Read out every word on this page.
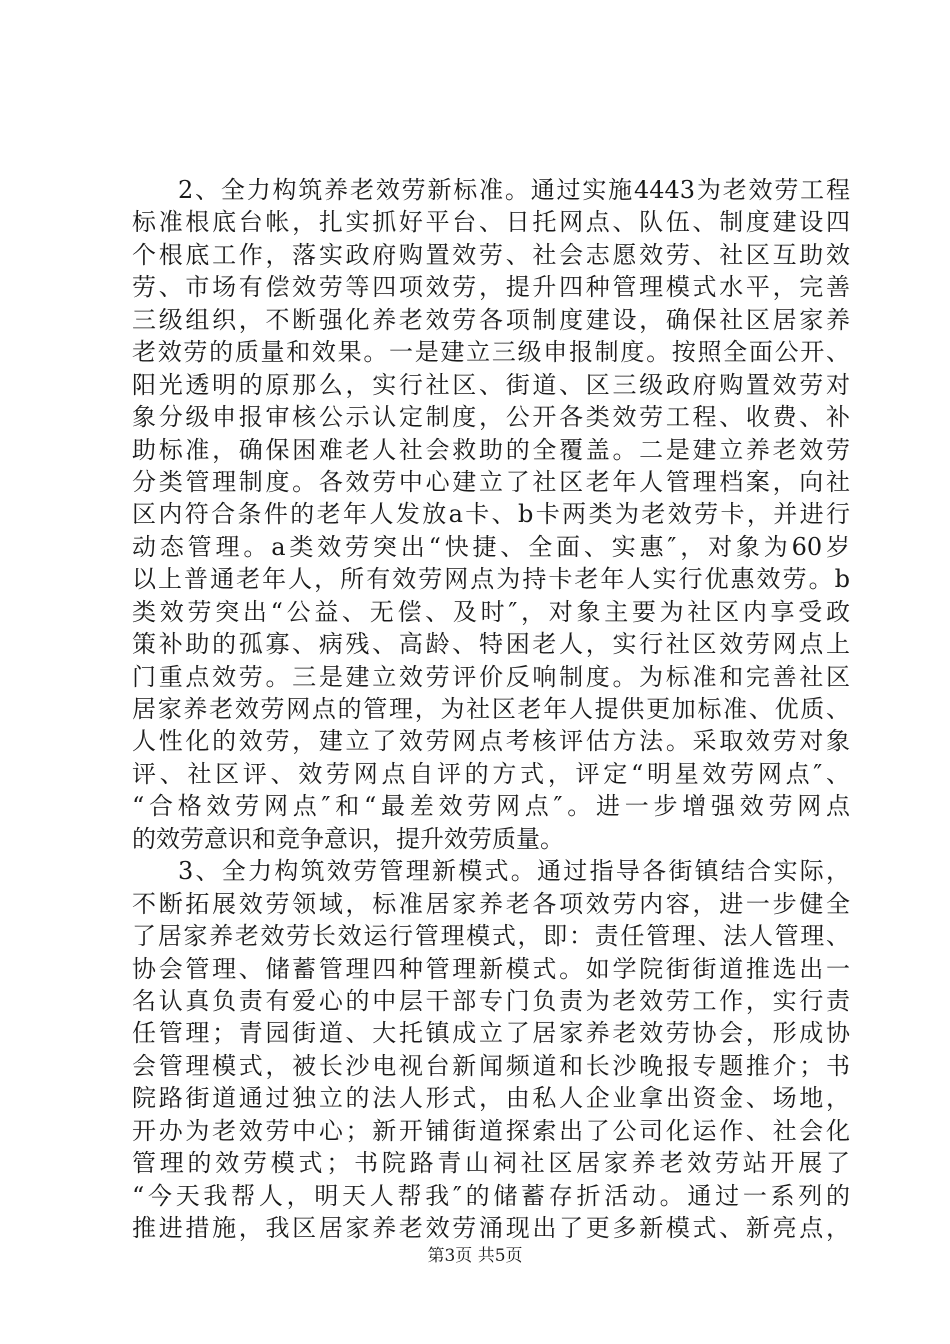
2、全力构筑养老效劳新标准。通过实施4443为老效劳工程
标准根底台帐，扎实抓好平台、日托网点、队伍、制度建设四
个根底工作，落实政府购置效劳、社会志愿效劳、社区互助效
劳、市场有偿效劳等四项效劳，提升四种管理模式水平，完善
三级组织，不断强化养老效劳各项制度建设，确保社区居家养
老效劳的质量和效果。一是建立三级申报制度。按照全面公开、
阳光透明的原那么，实行社区、街道、区三级政府购置效劳对
象分级申报审核公示认定制度，公开各类效劳工程、收费、补
助标准，确保困难老人社会救助的全覆盖。二是建立养老效劳
分类管理制度。各效劳中心建立了社区老年人管理档案，向社
区内符合条件的老年人发放a卡、b卡两类为老效劳卡，并进行
动态管理。a类效劳突出“快捷、全面、实惠″，对象为60岁
以上普通老年人，所有效劳网点为持卡老年人实行优惠效劳。b
类效劳突出“公益、无偿、及时″，对象主要为社区内享受政
策补助的孤寡、病残、高龄、特困老人，实行社区效劳网点上
门重点效劳。三是建立效劳评价反响制度。为标准和完善社区
居家养老效劳网点的管理，为社区老年人提供更加标准、优质、
人性化的效劳，建立了效劳网点考核评估方法。采取效劳对象
评、社区评、效劳网点自评的方式，评定“明星效劳网点″、
“合格效劳网点″和“最差效劳网点″。进一步增强效劳网点
的效劳意识和竞争意识，提升效劳质量。
3、全力构筑效劳管理新模式。通过指导各街镇结合实际，
不断拓展效劳领域，标准居家养老各项效劳内容，进一步健全
了居家养老效劳长效运行管理模式，即：责任管理、法人管理、
协会管理、储蓄管理四种管理新模式。如学院街街道推选出一
名认真负责有爱心的中层干部专门负责为老效劳工作，实行责
任管理；青园街道、大托镇成立了居家养老效劳协会，形成协
会管理模式，被长沙电视台新闻频道和长沙晚报专题推介；书
院路街道通过独立的法人形式，由私人企业拿出资金、场地，
开办为老效劳中心；新开铺街道探索出了公司化运作、社会化
管理的效劳模式；书院路青山祠社区居家养老效劳站开展了
“今天我帮人，明天人帮我″的储蓄存折活动。通过一系列的
推进措施，我区居家养老效劳涌现出了更多新模式、新亮点，
第3页 共5页
